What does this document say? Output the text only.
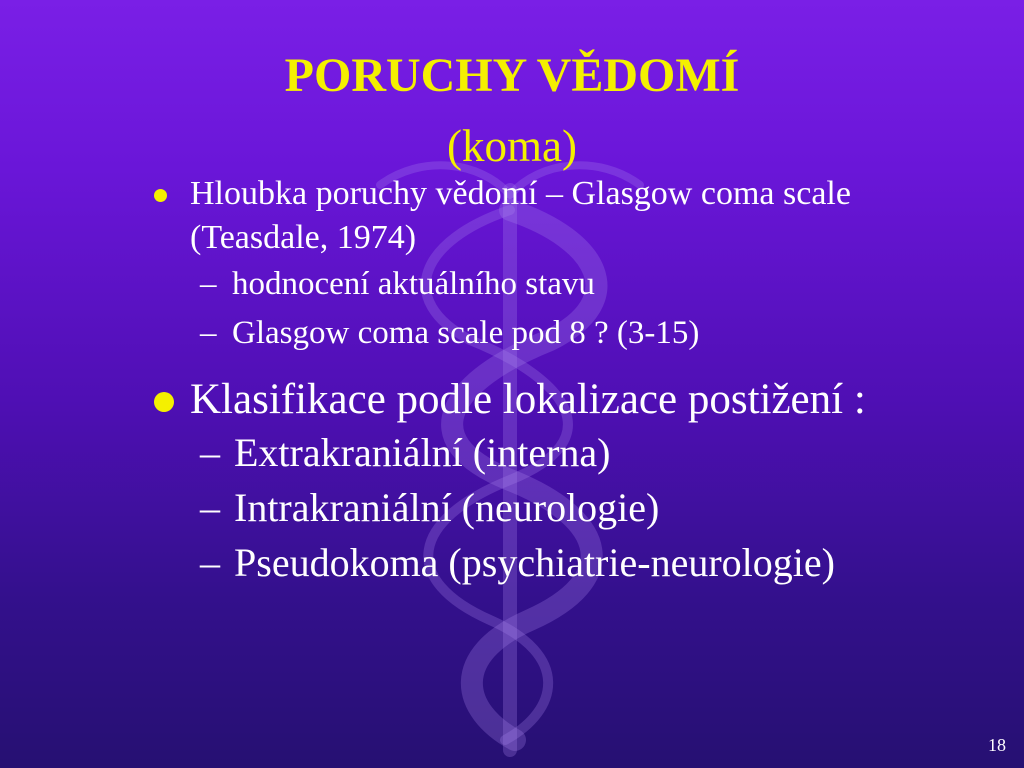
PORUCHY VĚDOMÍ
(koma)
Hloubka poruchy vědomí – Glasgow coma scale (Teasdale, 1974)
– hodnocení aktuálního stavu
– Glasgow coma scale pod 8 ? (3-15)
Klasifikace podle lokalizace postižení :
– Extrakraniální (interna)
– Intrakraniální (neurologie)
– Pseudokoma (psychiatrie-neurologie)
18
